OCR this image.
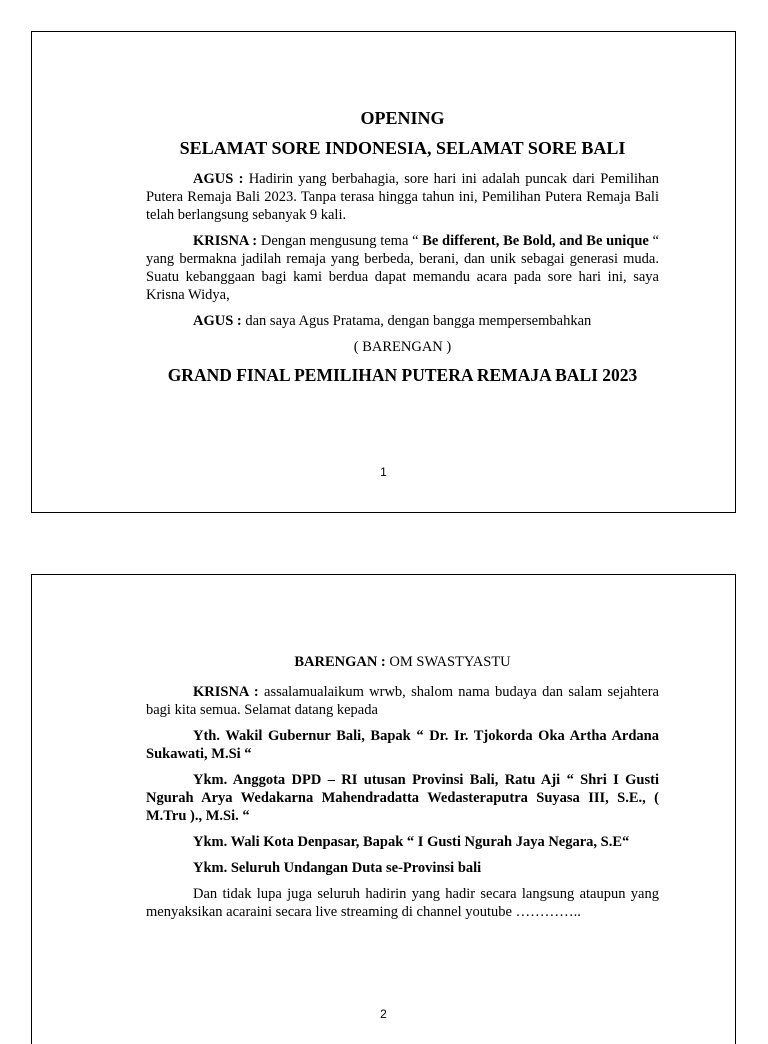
OPENING

SELAMAT SORE INDONESIA, SELAMAT SORE BALI

AGUS : Hadirin yang berbahagia, sore hari ini adalah puncak dari Pemilihan Putera Remaja Bali 2023. Tanpa terasa hingga tahun ini, Pemilihan Putera Remaja Bali telah berlangsung sebanyak 9 kali.

KRISNA : Dengan mengusung tema “ Be different, Be Bold, and Be unique “ yang bermakna jadilah remaja yang berbeda, berani, dan unik sebagai generasi muda. Suatu kebanggaan bagi kami berdua dapat memandu acara pada sore hari ini, saya Krisna Widya,

AGUS : dan saya Agus Pratama, dengan bangga mempersembahkan

( BARENGAN )

GRAND FINAL PEMILIHAN PUTERA REMAJA BALI 2023

1

BARENGAN : OM SWASTYASTU

KRISNA : assalamualaikum wrwb, shalom nama budaya dan salam sejahtera bagi kita semua. Selamat datang kepada

Yth. Wakil Gubernur Bali, Bapak “ Dr. Ir. Tjokorda Oka Artha Ardana Sukawati, M.Si “

Ykm. Anggota DPD – RI utusan Provinsi Bali, Ratu Aji “ Shri I Gusti Ngurah Arya Wedakarna Mahendradatta Wedasteraputra Suyasa III, S.E., ( M.Tru )., M.Si. “

Ykm. Wali Kota Denpasar, Bapak “ I Gusti Ngurah Jaya Negara, S.E“

Ykm. Seluruh Undangan Duta se-Provinsi bali

Dan tidak lupa juga seluruh hadirin yang hadir secara langsung ataupun yang menyaksikan acaraini secara live streaming di channel youtube …………..

2
